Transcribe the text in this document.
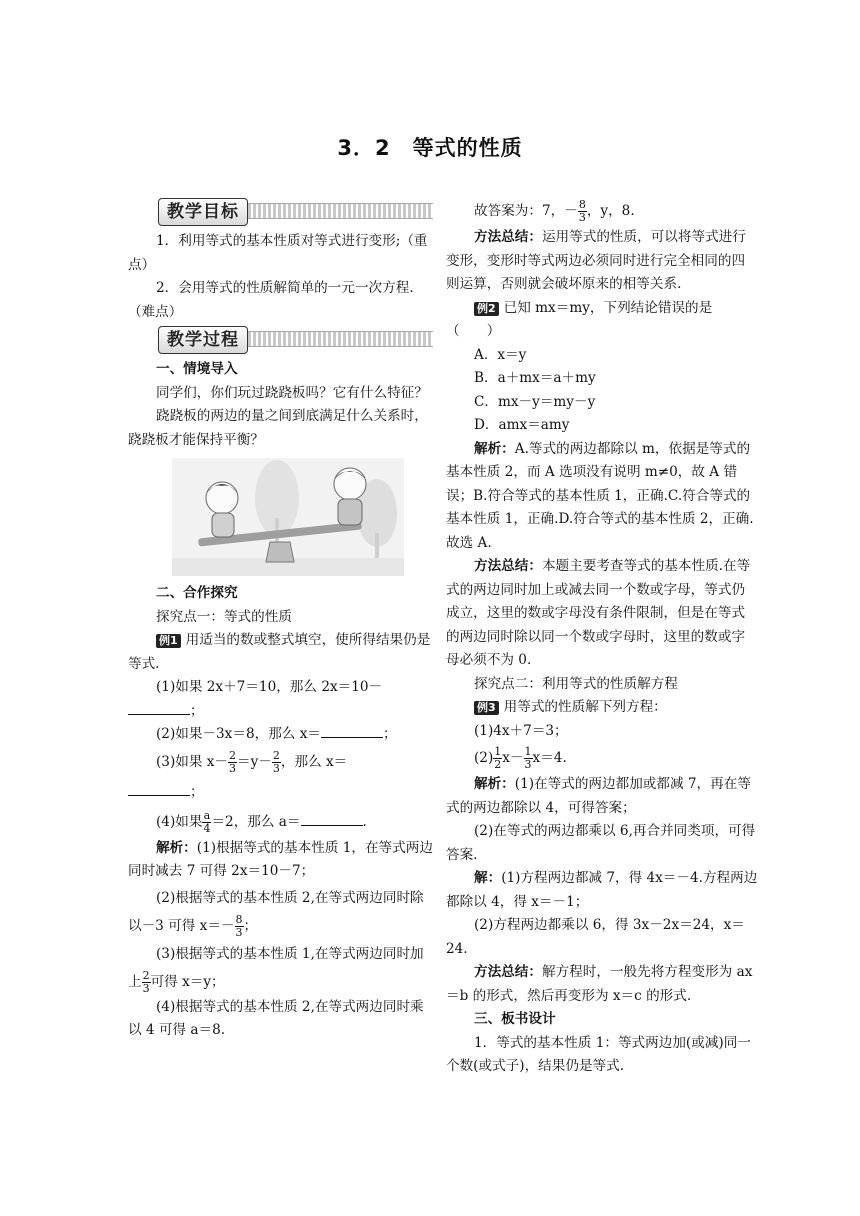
3．2　等式的性质
教学目标

1．利用等式的基本性质对等式进行变形;（重点）

2．会用等式的性质解简单的一元一次方程.（难点）

教学过程

一、情境导入

同学们，你们玩过跷跷板吗？它有什么特征？

跷跷板的两边的量之间到底满足什么关系时，跷跷板才能保持平衡？

二、合作探究

探究点一：等式的性质

例1 用适当的数或整式填空，使所得结果仍是等式.

(1)如果 2x＋7＝10，那么 2x＝10－
；

(2)如果－3x＝8，那么 x＝	；

(3)如果 $x- \frac{2}{3} =y- \frac{2}{3}$ ，那么 x＝
；

(4)如果 $\frac{a}{4} =2$，那么 a＝	.

解析：(1)根据等式的基本性质 1，在等式两边同时减去 7 可得 2x＝10－7；

(2)根据等式的基本性质 2,在等式两边同时除以－3 可得 $x=- \frac{8}{3}$ ；

(3)根据等式的基本性质 1,在等式两边同时加上 $\frac{2}{3}$ 可得 x＝y；

(4)根据等式的基本性质 2,在等式两边同时乘以 4 可得 a＝8.

故答案为：7，－ $\frac{8}{3}$ ，y，8.

方法总结：运用等式的性质，可以将等式进行变形，变形时等式两边必须同时进行完全相同的四则运算，否则就会破坏原来的相等关系.

例2 已知 mx＝my，下列结论错误的是（　　）

A．x＝y

B．a＋mx＝a＋my

C．mx－y＝my－y

D．amx＝amy

解析：A.等式的两边都除以 m，依据是等式的基本性质 2，而 A 选项没有说明 m≠0，故 A 错误；B.符合等式的基本性质 1，正确.C.符合等式的基本性质 1，正确.D.符合等式的基本性质 2，正确.故选 A.

方法总结：本题主要考查等式的基本性质.在等式的两边同时加上或减去同一个数或字母，等式仍成立，这里的数或字母没有条件限制，但是在等式的两边同时除以同一个数或字母时，这里的数或字母必须不为 0.

探究点二：利用等式的性质解方程

例3 用等式的性质解下列方程：

(1)4x＋7＝3；

$(2) \frac{1}{2} x- \frac{1}{3} x=4$.

解析：(1)在等式的两边都加或都减 7，再在等式的两边都除以 4，可得答案；

(2)在等式的两边都乘以 6,再合并同类项，可得答案.

解：(1)方程两边都减 7，得 4x＝－4.方程两边都除以 4，得 x＝－1；

(2)方程两边都乘以 6，得 3x－2x＝24，x＝24.

方法总结：解方程时，一般先将方程变形为 ax＝b 的形式，然后再变形为 x＝c 的形式.

三、板书设计

1．等式的基本性质 1：等式两边加(或减)同一个数(或式子)，结果仍是等式.
